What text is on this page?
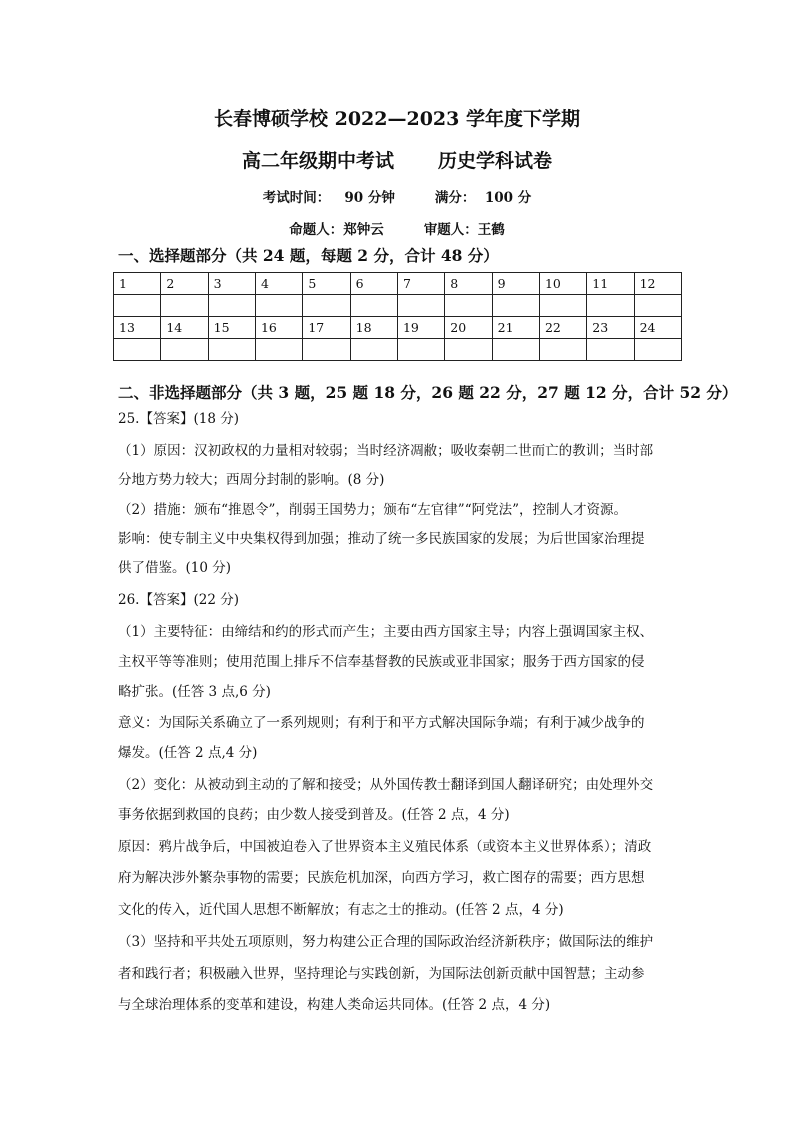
长春博硕学校 2022—2023 学年度下学期
高二年级期中考试 历史学科试卷
考试时间： 90 分钟	满分： 100 分
命题人：郑钟云	审题人：王鹤
一、选择题部分（共 24 题，每题 2 分，合计 48 分）
1	2	3	4	5	6	7	8	9	10	11	12

13	14	15	16	17	18	19	20	21	22	23	24

二、非选择题部分（共 3 题，25 题 18 分，26 题 22 分，27 题 12 分，合计 52 分）
25.【答案】(18 分)
（1）原因：汉初政权的力量相对较弱；当时经济凋敝；吸收秦朝二世而亡的教训；当时部
分地方势力较大；西周分封制的影响。(8 分)
（2）措施：颁布“推恩令”，削弱王国势力；颁布“左官律”“阿党法”，控制人才资源。
影响：使专制主义中央集权得到加强；推动了统一多民族国家的发展；为后世国家治理提
供了借鉴。(10 分)
26.【答案】(22 分)
（1）主要特征：由缔结和约的形式而产生；主要由西方国家主导；内容上强调国家主权、
主权平等等准则；使用范围上排斥不信奉基督教的民族或亚非国家；服务于西方国家的侵
略扩张。(任答 3 点,6 分)
意义：为国际关系确立了一系列规则；有利于和平方式解决国际争端；有利于减少战争的
爆发。(任答 2 点,4 分)
（2）变化：从被动到主动的了解和接受；从外国传教士翻译到国人翻译研究；由处理外交
事务依据到救国的良药；由少数人接受到普及。(任答 2 点，4 分)
原因：鸦片战争后，中国被迫卷入了世界资本主义殖民体系（或资本主义世界体系）；清政
府为解决涉外繁杂事物的需要；民族危机加深，向西方学习，救亡图存的需要；西方思想
文化的传入，近代国人思想不断解放；有志之士的推动。(任答 2 点，4 分)
（3）坚持和平共处五项原则，努力构建公正合理的国际政治经济新秩序；做国际法的维护
者和践行者；积极融入世界，坚持理论与实践创新，为国际法创新贡献中国智慧；主动参
与全球治理体系的变革和建设，构建人类命运共同体。(任答 2 点，4 分)
